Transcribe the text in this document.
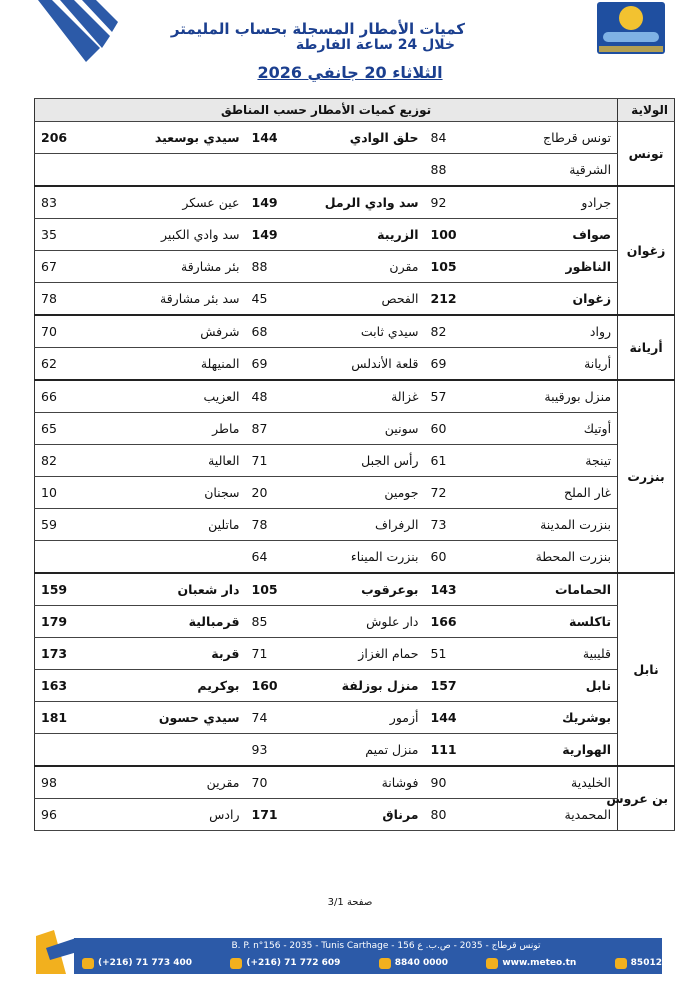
كميات الأمطار المسجلة بحساب المليمتر
خلال 24 ساعة الفارطة
الثلاثاء 20 جانفي 2026
توزيع كميات الأمطار حسب المناطق						الولاية
206	سيدي بوسعيد	144	حلق الوادي	84	تونس قرطاج	تونس
				88	الشرقية	
83	عين عسكر	149	سد وادي الرمل	92	جرادو	زغوان
35	سد وادي الكبير	149	الزريبة	100	صواف	
67	بئر مشارقة	88	مقرن	105	الناظور	
78	سد بئر مشارقة	45	الفحص	212	زغوان	
70	شرفش	68	سيدي ثابت	82	رواد	أريانة
62	المنيهلة	69	قلعة الأندلس	69	أريانة	
66	العزيب	48	غزالة	57	منزل بورقيبة	بنزرت
65	ماطر	87	سونين	60	أوتيك	
82	العالية	71	رأس الجبل	61	تينجة	
10	سجنان	20	جومين	72	غار الملح	
59	ماتلين	78	الرفراف	73	بنزرت المدينة	
		64	بنزرت الميناء	60	بنزرت المحطة	
159	دار شعبان	105	بوعرقوب	143	الحمامات	نابل
179	قرمبالية	85	دار علوش	166	تاكلسة	
173	قربة	71	حمام الغزاز	51	قليبية	
163	بوكريم	160	منزل بوزلفة	157	نابل	
181	سيدي حسون	74	أزمور	144	بوشريك	
		93	منزل تميم	111	الهوارية	
98	مقرين	70	فوشانة	90	الخليدية	بن عروس
96	رادس	171	مرناق	80	المحمدية	
صفحة 3/1
B. P. n°156 - 2035 - Tunis Carthage - تونس قرطاج - 2035 - ص.ب. ع 156
(+216) 71 773 400	(+216) 71 772 609	8840 0000	www.meteo.tn	85012
